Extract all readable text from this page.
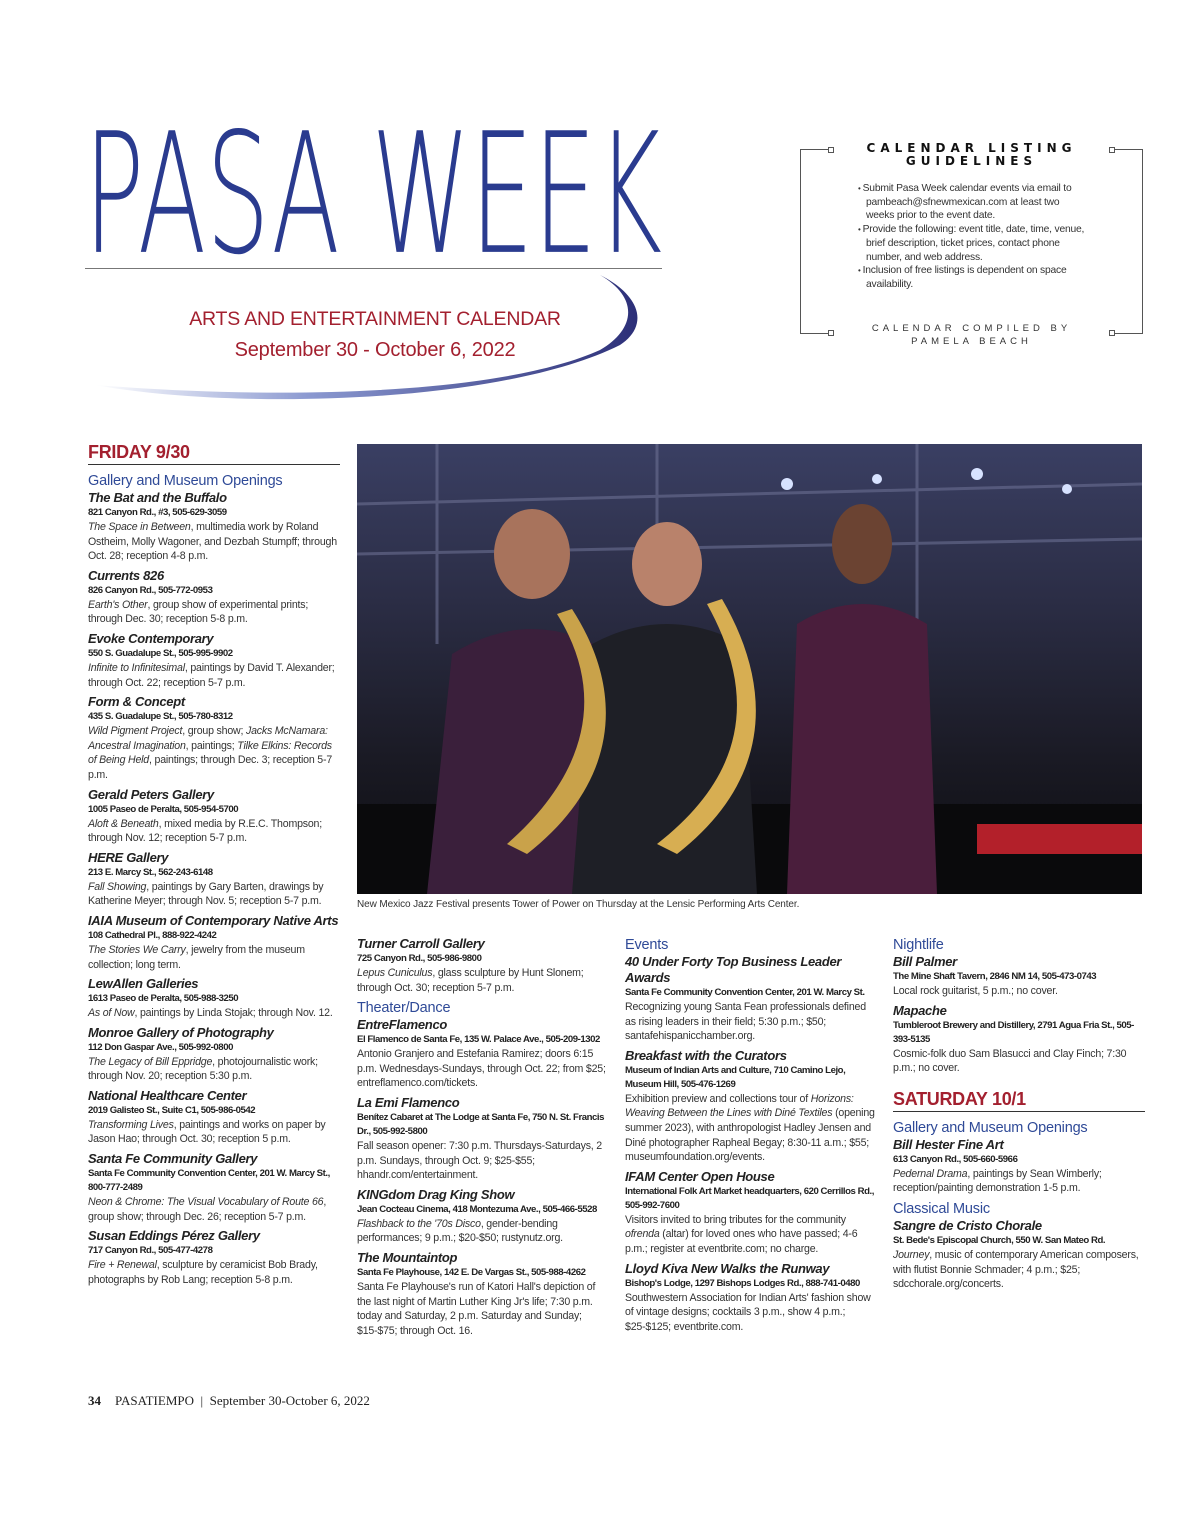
PASA WEEK
ARTS AND ENTERTAINMENT CALENDAR
September 30 - October 6, 2022
CALENDAR LISTING
GUIDELINES
• Submit Pasa Week calendar events via email to pambeach@sfnewmexican.com at least two weeks prior to the event date.
• Provide the following: event title, date, time, venue, brief description, ticket prices, contact phone number, and web address.
• Inclusion of free listings is dependent on space availability.
CALENDAR COMPILED BY
PAMELA BEACH
New Mexico Jazz Festival presents Tower of Power on Thursday at the Lensic Performing Arts Center.
FRIDAY 9/30
Gallery and Museum Openings
The Bat and the Buffalo
821 Canyon Rd., #3, 505-629-3059
The Space in Between, multimedia work by Roland Ostheim, Molly Wagoner, and Dezbah Stumpff; through Oct. 28; reception 4-8 p.m.
Currents 826
826 Canyon Rd., 505-772-0953
Earth's Other, group show of experimental prints; through Dec. 30; reception 5-8 p.m.
Evoke Contemporary
550 S. Guadalupe St., 505-995-9902
Infinite to Infinitesimal, paintings by David T. Alexander; through Oct. 22; reception 5-7 p.m.
Form & Concept
435 S. Guadalupe St., 505-780-8312
Wild Pigment Project, group show; Jacks McNamara: Ancestral Imagination, paintings; Tilke Elkins: Records of Being Held, paintings; through Dec. 3; reception 5-7 p.m.
Gerald Peters Gallery
1005 Paseo de Peralta, 505-954-5700
Aloft & Beneath, mixed media by R.E.C. Thompson; through Nov. 12; reception 5-7 p.m.
HERE Gallery
213 E. Marcy St., 562-243-6148
Fall Showing, paintings by Gary Barten, drawings by Katherine Meyer; through Nov. 5; reception 5-7 p.m.
IAIA Museum of Contemporary Native Arts
108 Cathedral Pl., 888-922-4242
The Stories We Carry, jewelry from the museum collection; long term.
LewAllen Galleries
1613 Paseo de Peralta, 505-988-3250
As of Now, paintings by Linda Stojak; through Nov. 12.
Monroe Gallery of Photography
112 Don Gaspar Ave., 505-992-0800
The Legacy of Bill Eppridge, photojournalistic work; through Nov. 20; reception 5:30 p.m.
National Healthcare Center
2019 Galisteo St., Suite C1, 505-986-0542
Transforming Lives, paintings and works on paper by Jason Hao; through Oct. 30; reception 5 p.m.
Santa Fe Community Gallery
Santa Fe Community Convention Center, 201 W. Marcy St., 800-777-2489
Neon & Chrome: The Visual Vocabulary of Route 66, group show; through Dec. 26; reception 5-7 p.m.
Susan Eddings Pérez Gallery
717 Canyon Rd., 505-477-4278
Fire + Renewal, sculpture by ceramicist Bob Brady, photographs by Rob Lang; reception 5-8 p.m.
Turner Carroll Gallery
725 Canyon Rd., 505-986-9800
Lepus Cuniculus, glass sculpture by Hunt Slonem; through Oct. 30; reception 5-7 p.m.
Theater/Dance
EntreFlamenco
El Flamenco de Santa Fe, 135 W. Palace Ave., 505-209-1302
Antonio Granjero and Estefania Ramirez; doors 6:15 p.m. Wednesdays-Sundays, through Oct. 22; from $25; entreflamenco.com/tickets.
La Emi Flamenco
Benítez Cabaret at The Lodge at Santa Fe, 750 N. St. Francis Dr., 505-992-5800
Fall season opener: 7:30 p.m. Thursdays-Saturdays, 2 p.m. Sundays, through Oct. 9; $25-$55; hhandr.com/entertainment.
KINGdom Drag King Show
Jean Cocteau Cinema, 418 Montezuma Ave., 505-466-5528
Flashback to the '70s Disco, gender-bending performances; 9 p.m.; $20-$50; rustynutz.org.
The Mountaintop
Santa Fe Playhouse, 142 E. De Vargas St., 505-988-4262
Santa Fe Playhouse's run of Katori Hall's depiction of the last night of Martin Luther King Jr's life; 7:30 p.m. today and Saturday, 2 p.m. Saturday and Sunday; $15-$75; through Oct. 16.
Events
40 Under Forty Top Business Leader Awards
Santa Fe Community Convention Center, 201 W. Marcy St.
Recognizing young Santa Fean professionals defined as rising leaders in their field; 5:30 p.m.; $50; santafehispanicchamber.org.
Breakfast with the Curators
Museum of Indian Arts and Culture, 710 Camino Lejo, Museum Hill, 505-476-1269
Exhibition preview and collections tour of Horizons: Weaving Between the Lines with Diné Textiles (opening summer 2023), with anthropologist Hadley Jensen and Diné photographer Rapheal Begay; 8:30-11 a.m.; $55; museumfoundation.org/events.
IFAM Center Open House
International Folk Art Market headquarters, 620 Cerrillos Rd., 505-992-7600
Visitors invited to bring tributes for the community ofrenda (altar) for loved ones who have passed; 4-6 p.m.; register at eventbrite.com; no charge.
Lloyd Kiva New Walks the Runway
Bishop's Lodge, 1297 Bishops Lodges Rd., 888-741-0480
Southwestern Association for Indian Arts' fashion show of vintage designs; cocktails 3 p.m., show 4 p.m.; $25-$125; eventbrite.com.
Nightlife
Bill Palmer
The Mine Shaft Tavern, 2846 NM 14, 505-473-0743
Local rock guitarist, 5 p.m.; no cover.
Mapache
Tumbleroot Brewery and Distillery, 2791 Agua Fria St., 505-393-5135
Cosmic-folk duo Sam Blasucci and Clay Finch; 7:30 p.m.; no cover.
SATURDAY 10/1
Gallery and Museum Openings
Bill Hester Fine Art
613 Canyon Rd., 505-660-5966
Pedernal Drama, paintings by Sean Wimberly; reception/painting demonstration 1-5 p.m.
Classical Music
Sangre de Cristo Chorale
St. Bede's Episcopal Church, 550 W. San Mateo Rd.
Journey, music of contemporary American composers, with flutist Bonnie Schmader; 4 p.m.; $25; sdcchorale.org/concerts.
34 PASATIEMPO | September 30-October 6, 2022
